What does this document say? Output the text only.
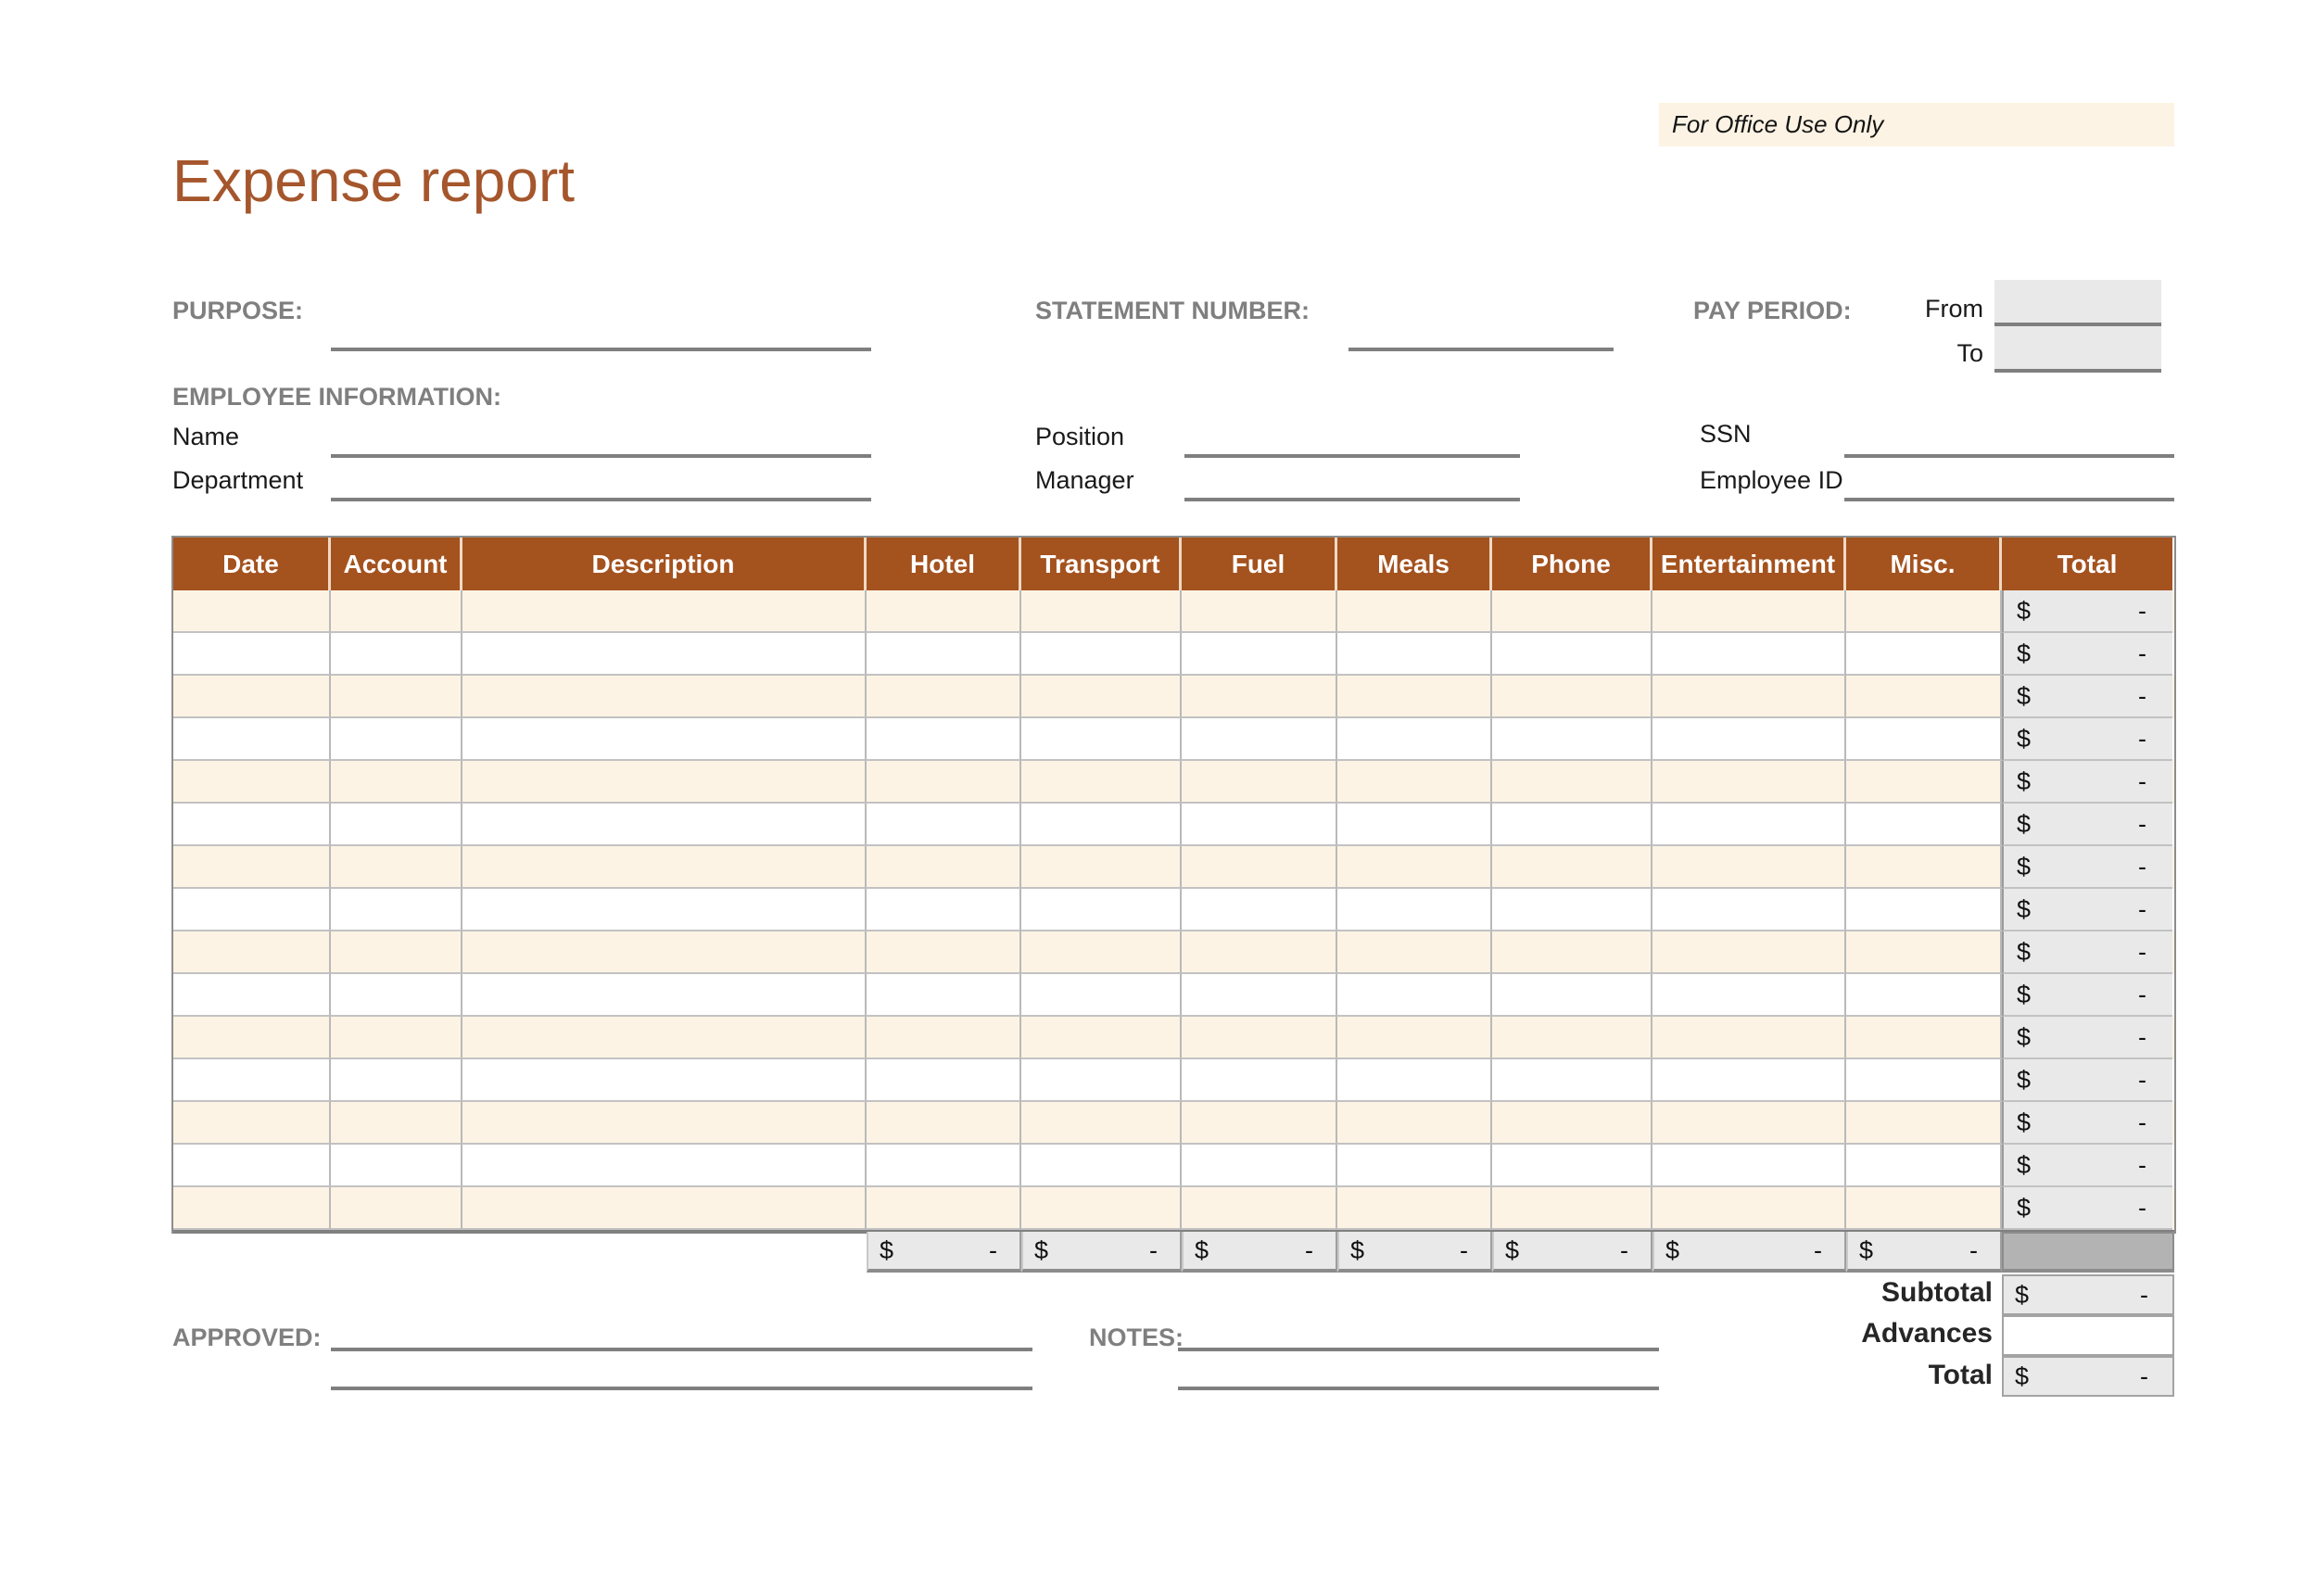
For Office Use Only
Expense report
PURPOSE:	STATEMENT NUMBER:	PAY PERIOD:	From
To
EMPLOYEE INFORMATION:
Name
Department
Position
Manager
SSN
Employee ID
Date	Account	Description	Hotel	Transport	Fuel	Meals	Phone	Entertainment	Misc.	Total
$	-
$	-
$	-
$	-
$	-
$	-
$	-
$	-
$	-
$	-
$	-
$	-
$	-
$	-
$	-
$	- $	- $	- $	- $	- $	- $	-
Subtotal $	-
Advances
Total $	-
APPROVED:	NOTES:
